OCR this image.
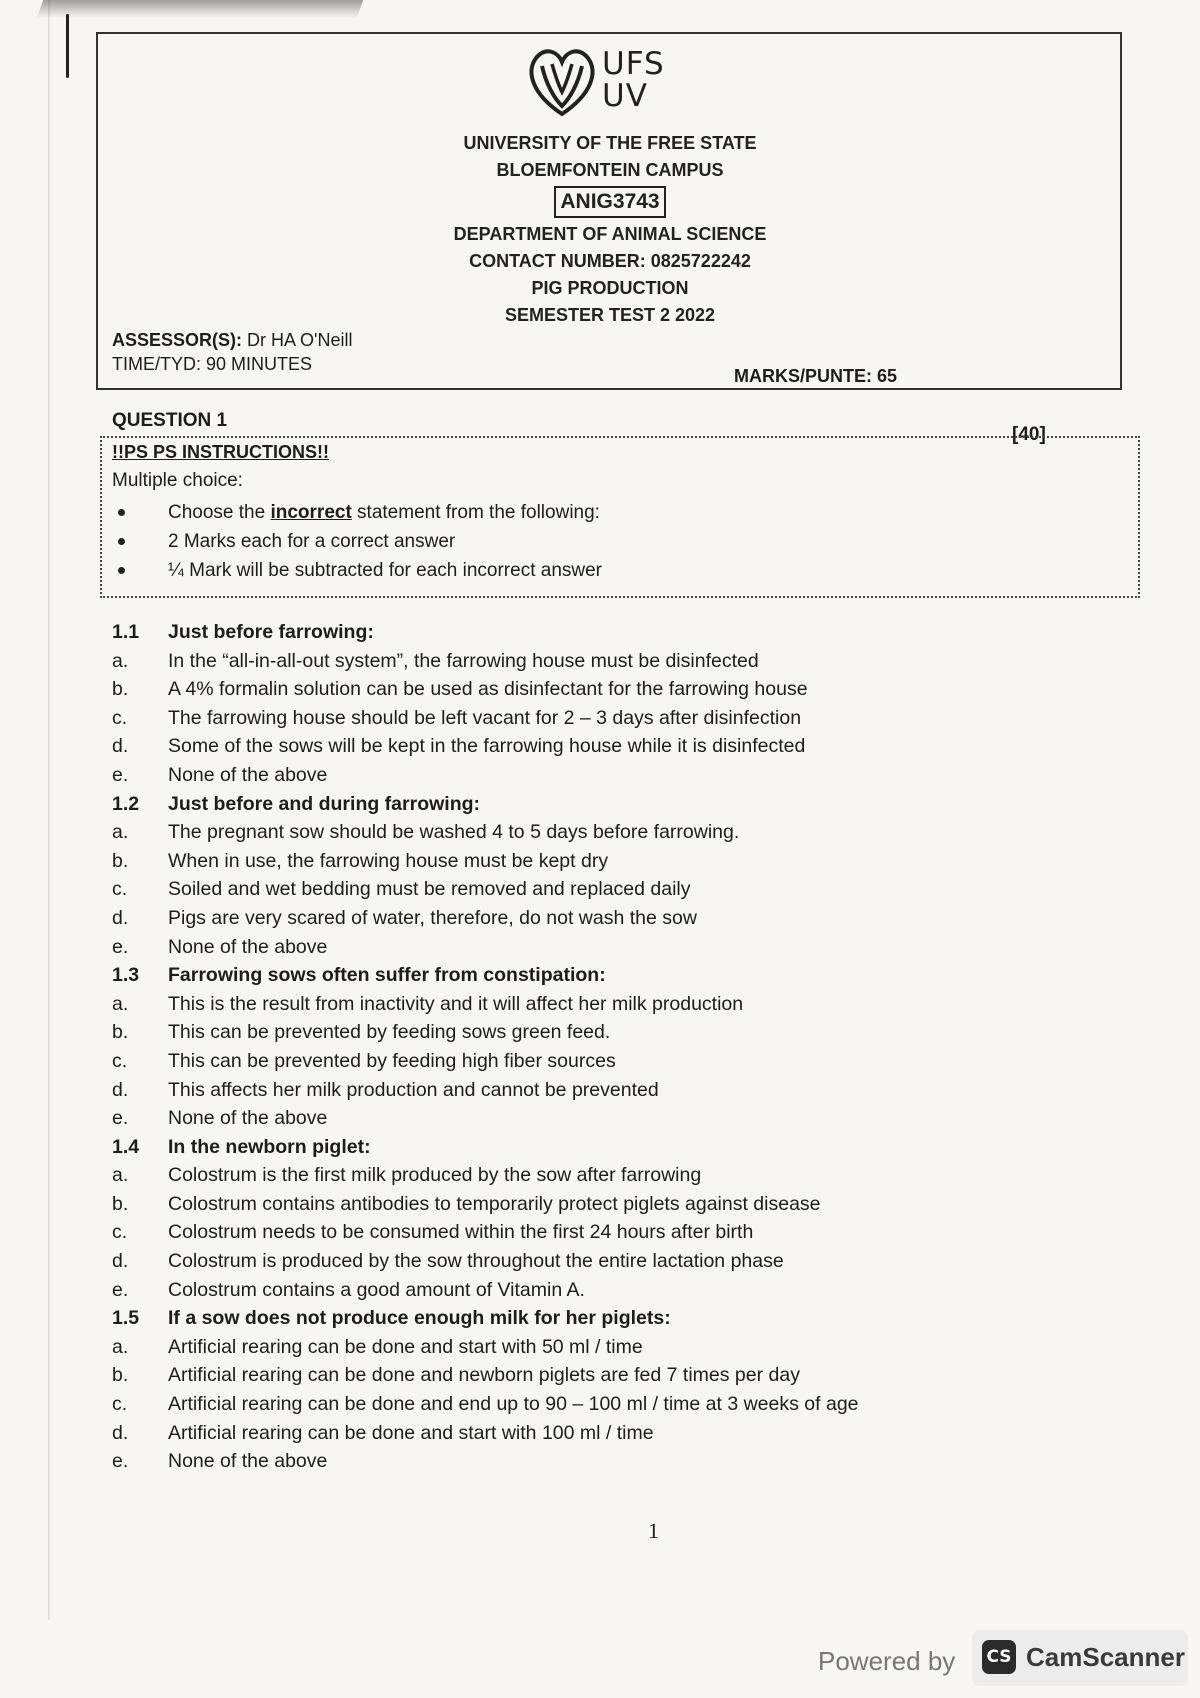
UFS
UV
UNIVERSITY OF THE FREE STATE
BLOEMFONTEIN CAMPUS
ANIG3743
DEPARTMENT OF ANIMAL SCIENCE
CONTACT NUMBER: 0825722242
PIG PRODUCTION
SEMESTER TEST 2 2022
ASSESSOR(S): Dr HA O'Neill
TIME/TYD: 90 MINUTES
MARKS/PUNTE: 65
QUESTION 1
[40]
!!PS PS INSTRUCTIONS!!
Multiple choice:
Choose the incorrect statement from the following:
2 Marks each for a correct answer
¼ Mark will be subtracted for each incorrect answer
1.1	Just before farrowing:
a.	In the “all-in-all-out system”, the farrowing house must be disinfected
b.	A 4% formalin solution can be used as disinfectant for the farrowing house
c.	The farrowing house should be left vacant for 2 – 3 days after disinfection
d.	Some of the sows will be kept in the farrowing house while it is disinfected
e.	None of the above
1.2	Just before and during farrowing:
a.	The pregnant sow should be washed 4 to 5 days before farrowing.
b.	When in use, the farrowing house must be kept dry
c.	Soiled and wet bedding must be removed and replaced daily
d.	Pigs are very scared of water, therefore, do not wash the sow
e.	None of the above
1.3	Farrowing sows often suffer from constipation:
a.	This is the result from inactivity and it will affect her milk production
b.	This can be prevented by feeding sows green feed.
c.	This can be prevented by feeding high fiber sources
d.	This affects her milk production and cannot be prevented
e.	None of the above
1.4	In the newborn piglet:
a.	Colostrum is the first milk produced by the sow after farrowing
b.	Colostrum contains antibodies to temporarily protect piglets against disease
c.	Colostrum needs to be consumed within the first 24 hours after birth
d.	Colostrum is produced by the sow throughout the entire lactation phase
e.	Colostrum contains a good amount of Vitamin A.
1.5	If a sow does not produce enough milk for her piglets:
a.	Artificial rearing can be done and start with 50 ml / time
b.	Artificial rearing can be done and newborn piglets are fed 7 times per day
c.	Artificial rearing can be done and end up to 90 – 100 ml / time at 3 weeks of age
d.	Artificial rearing can be done and start with 100 ml / time
e.	None of the above
1
Powered by CS CamScanner
